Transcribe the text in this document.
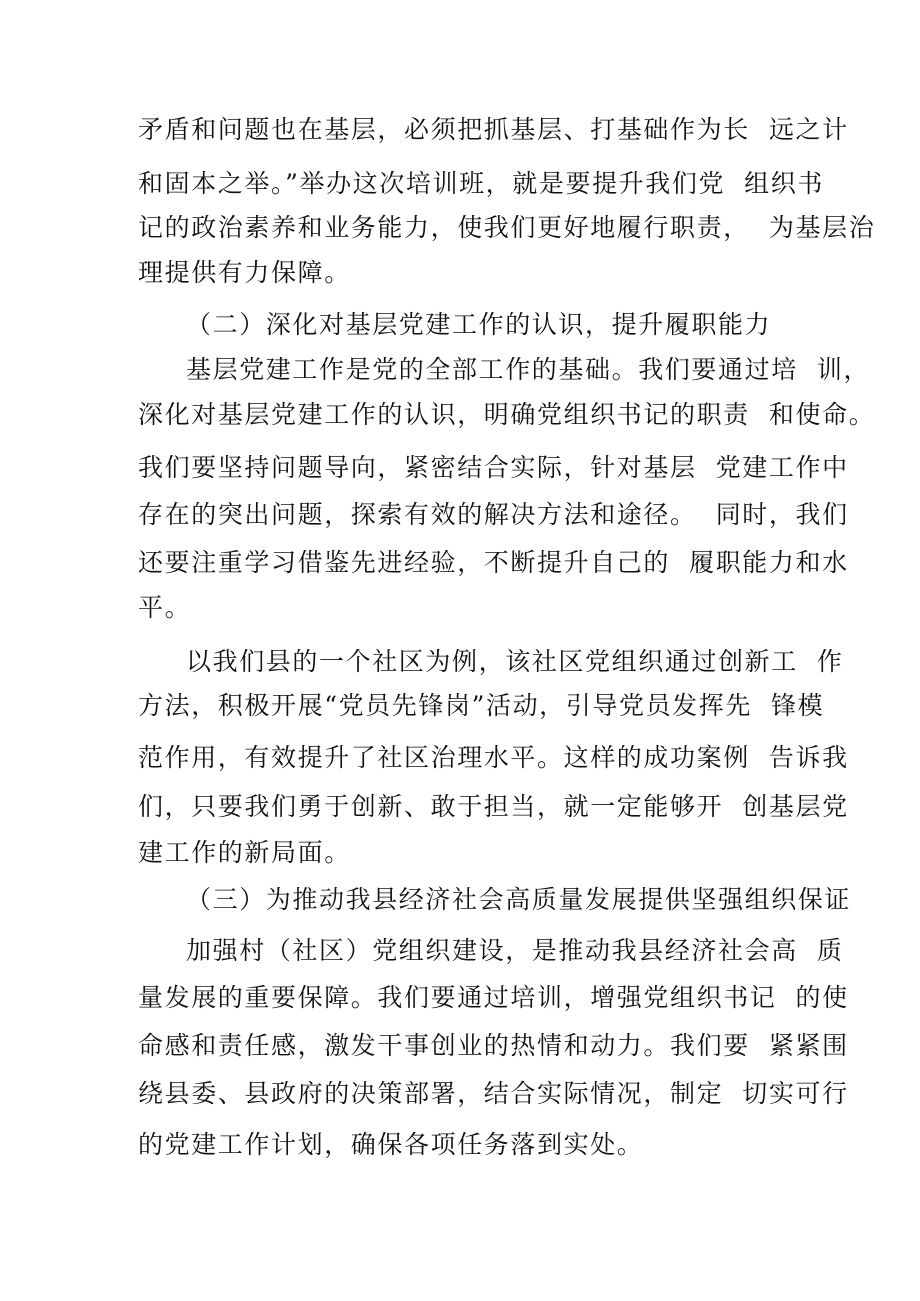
矛盾和问题也在基层，必须把抓基层、打基础作为长  远之计
和固本之举。”举办这次培训班，就是要提升我们党  组织书
记的政治素养和业务能力，使我们更好地履行职责，  为基层治
理提供有力保障。
（二）深化对基层党建工作的认识，提升履职能力
基层党建工作是党的全部工作的基础。我们要通过培  训，
深化对基层党建工作的认识，明确党组织书记的职责  和使命。
我们要坚持问题导向，紧密结合实际，针对基层  党建工作中
存在的突出问题，探索有效的解决方法和途径。  同时，我们
还要注重学习借鉴先进经验，不断提升自己的  履职能力和水
平。
以我们县的一个社区为例，该社区党组织通过创新工  作
方法，积极开展“党员先锋岗”活动，引导党员发挥先  锋模
范作用，有效提升了社区治理水平。这样的成功案例  告诉我
们，只要我们勇于创新、敢于担当，就一定能够开  创基层党
建工作的新局面。
（三）为推动我县经济社会高质量发展提供坚强组织保证
加强村（社区）党组织建设，是推动我县经济社会高  质
量发展的重要保障。我们要通过培训，增强党组织书记  的使
命感和责任感，激发干事创业的热情和动力。我们要  紧紧围
绕县委、县政府的决策部署，结合实际情况，制定  切实可行
的党建工作计划，确保各项任务落到实处。
